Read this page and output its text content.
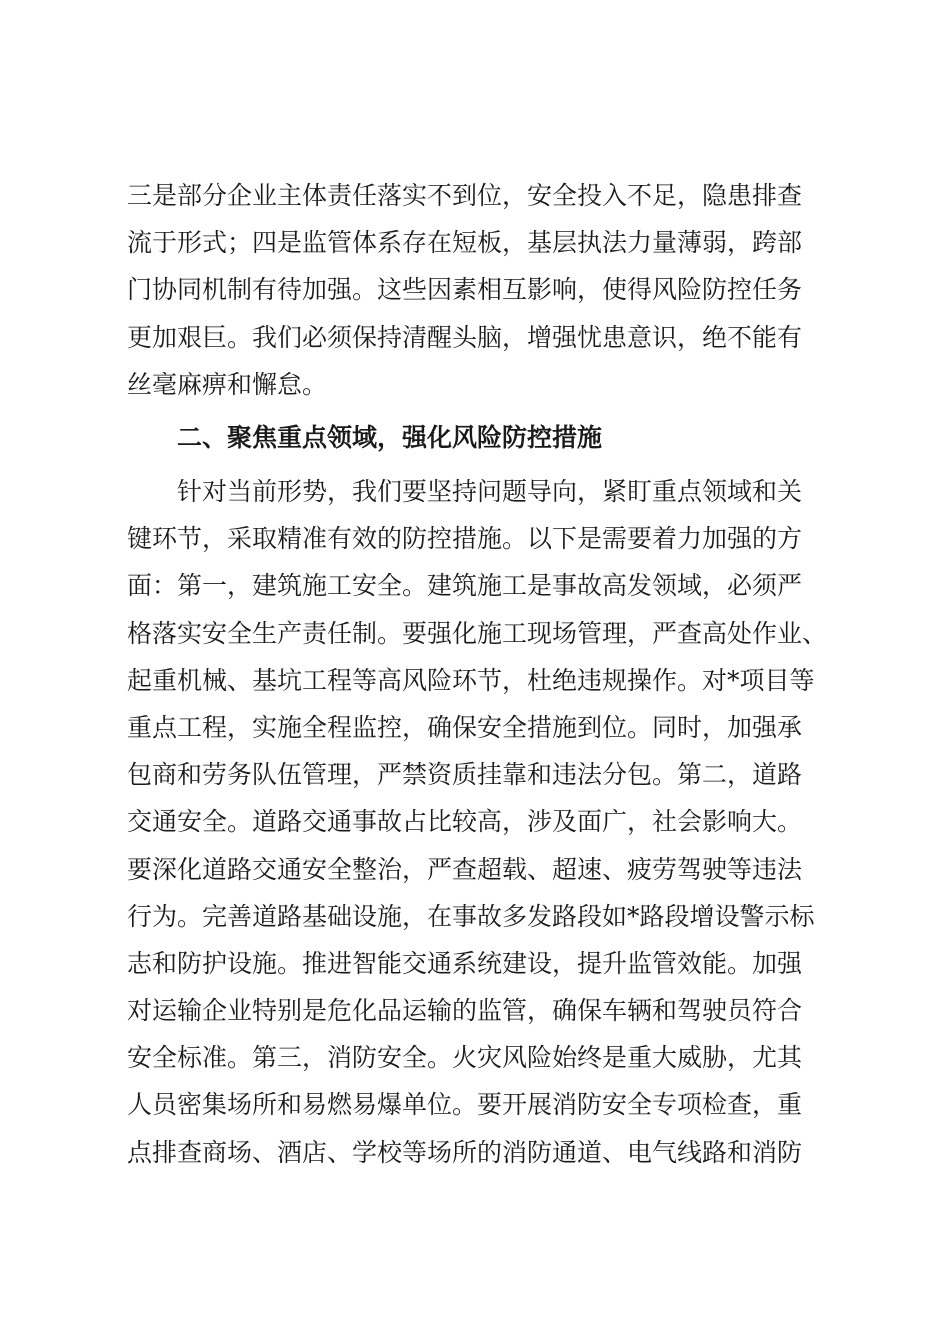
三是部分企业主体责任落实不到位，安全投入不足，隐患排查
流于形式；四是监管体系存在短板，基层执法力量薄弱，跨部
门协同机制有待加强。这些因素相互影响，使得风险防控任务
更加艰巨。我们必须保持清醒头脑，增强忧患意识，绝不能有
丝毫麻痹和懈怠。
二、聚焦重点领域，强化风险防控措施
　　针对当前形势，我们要坚持问题导向，紧盯重点领域和关
键环节，采取精准有效的防控措施。以下是需要着力加强的方
面：第一，建筑施工安全。建筑施工是事故高发领域，必须严
格落实安全生产责任制。要强化施工现场管理，严查高处作业、
起重机械、基坑工程等高风险环节，杜绝违规操作。对*项目等
重点工程，实施全程监控，确保安全措施到位。同时，加强承
包商和劳务队伍管理，严禁资质挂靠和违法分包。第二，道路
交通安全。道路交通事故占比较高，涉及面广，社会影响大。
要深化道路交通安全整治，严查超载、超速、疲劳驾驶等违法
行为。完善道路基础设施，在事故多发路段如*路段增设警示标
志和防护设施。推进智能交通系统建设，提升监管效能。加强
对运输企业特别是危化品运输的监管，确保车辆和驾驶员符合
安全标准。第三，消防安全。火灾风险始终是重大威胁，尤其
人员密集场所和易燃易爆单位。要开展消防安全专项检查，重
点排查商场、酒店、学校等场所的消防通道、电气线路和消防
